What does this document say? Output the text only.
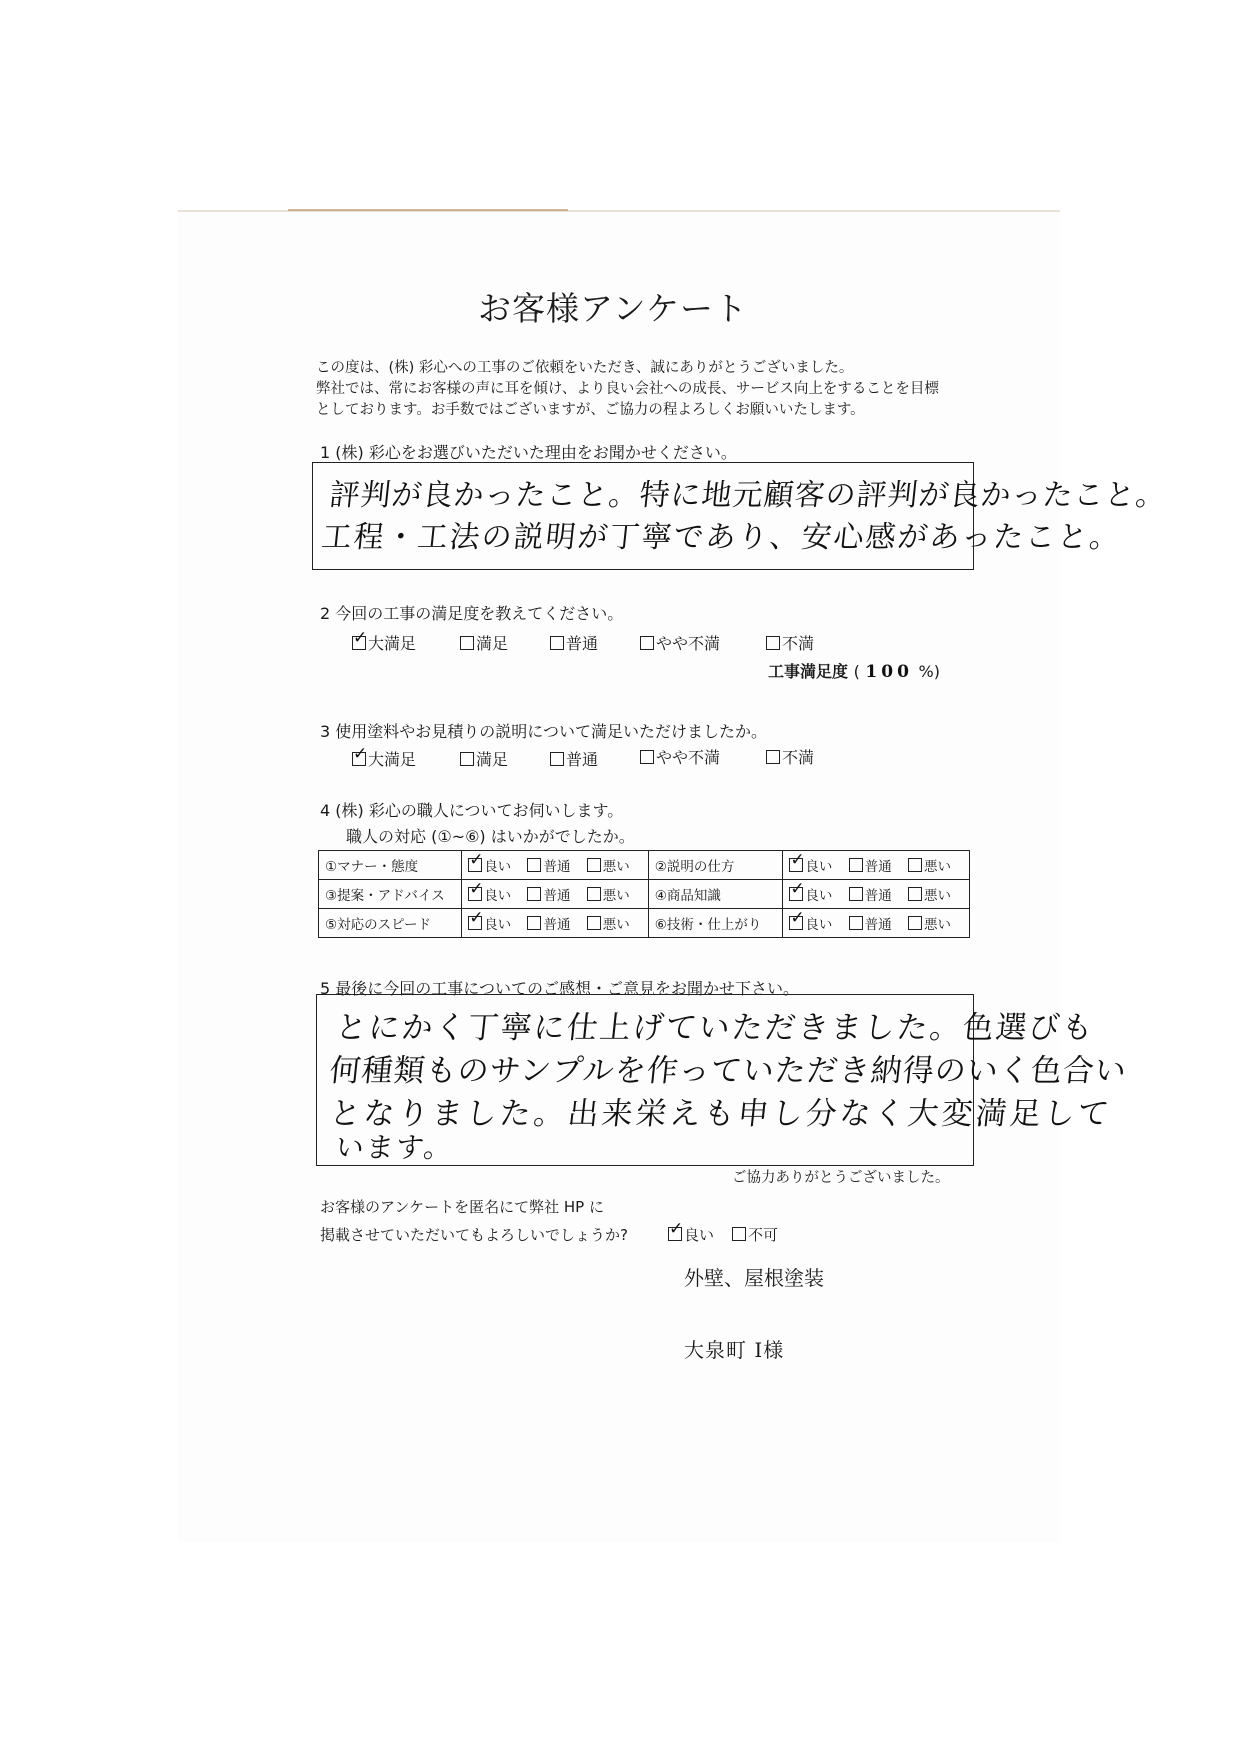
お客様アンケート
この度は、(株) 彩心への工事のご依頼をいただき、誠にありがとうございました。
弊社では、常にお客様の声に耳を傾け、より良い会社への成長、サービス向上をすることを目標
としております。お手数ではございますが、ご協力の程よろしくお願いいたします。
1 (株) 彩心をお選びいただいた理由をお聞かせください。
評判が良かったこと。特に地元顧客の評判が良かったこと。
工程・工法の説明が丁寧であり、安心感があったこと。
2 今回の工事の満足度を教えてください。
✓大満足	満足	普通	やや不満	不満
工事満足度 ( 100 %)
3 使用塗料やお見積りの説明について満足いただけましたか。
✓大満足	満足	普通	やや不満	不満
4 (株) 彩心の職人についてお伺いします。
職人の対応 (①~⑥) はいかがでしたか。
①マナー・態度	✓良い 普通 悪い	②説明の仕方	✓良い 普通 悪い
③提案・アドバイス	✓良い 普通 悪い	④商品知識	✓良い 普通 悪い
⑤対応のスピード	✓良い 普通 悪い	⑥技術・仕上がり	✓良い 普通 悪い
5 最後に今回の工事についてのご感想・ご意見をお聞かせ下さい。
とにかく丁寧に仕上げていただきました。色選びも
何種類ものサンプルを作っていただき納得のいく色合い
となりました。出来栄えも申し分なく大変満足して
います。
ご協力ありがとうございました。
お客様のアンケートを匿名にて弊社 HP に
掲載させていただいてもよろしいでしょうか? ✓	良い	不可
外壁、屋根塗装
大泉町 I様
